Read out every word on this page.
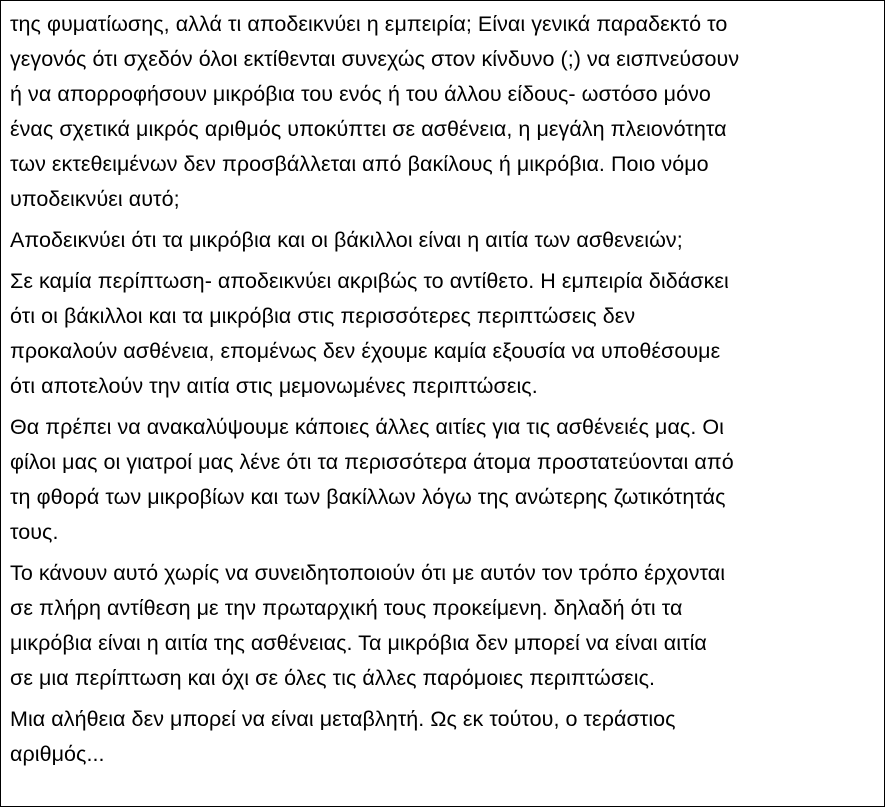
της φυματίωσης, αλλά τι αποδεικνύει η εμπειρία; Είναι γενικά παραδεκτό το
γεγονός ότι σχεδόν όλοι εκτίθενται συνεχώς στον κίνδυνο (;) να εισπνεύσουν
ή να απορροφήσουν μικρόβια του ενός ή του άλλου είδους- ωστόσο μόνο
ένας σχετικά μικρός αριθμός υποκύπτει σε ασθένεια, η μεγάλη πλειονότητα
των εκτεθειμένων δεν προσβάλλεται από βακίλους ή μικρόβια. Ποιο νόμο
υποδεικνύει αυτό;

Αποδεικνύει ότι τα μικρόβια και οι βάκιλλοι είναι η αιτία των ασθενειών;

Σε καμία περίπτωση- αποδεικνύει ακριβώς το αντίθετο. Η εμπειρία διδάσκει
ότι οι βάκιλλοι και τα μικρόβια στις περισσότερες περιπτώσεις δεν
προκαλούν ασθένεια, επομένως δεν έχουμε καμία εξουσία να υποθέσουμε
ότι αποτελούν την αιτία στις μεμονωμένες περιπτώσεις.

Θα πρέπει να ανακαλύψουμε κάποιες άλλες αιτίες για τις ασθένειές μας. Οι
φίλοι μας οι γιατροί μας λένε ότι τα περισσότερα άτομα προστατεύονται από
τη φθορά των μικροβίων και των βακίλλων λόγω της ανώτερης ζωτικότητάς
τους.

Το κάνουν αυτό χωρίς να συνειδητοποιούν ότι με αυτόν τον τρόπο έρχονται
σε πλήρη αντίθεση με την πρωταρχική τους προκείμενη. δηλαδή ότι τα
μικρόβια είναι η αιτία της ασθένειας. Τα μικρόβια δεν μπορεί να είναι αιτία
σε μια περίπτωση και όχι σε όλες τις άλλες παρόμοιες περιπτώσεις.

Μια αλήθεια δεν μπορεί να είναι μεταβλητή. Ως εκ τούτου, ο τεράστιος
αριθμός...
